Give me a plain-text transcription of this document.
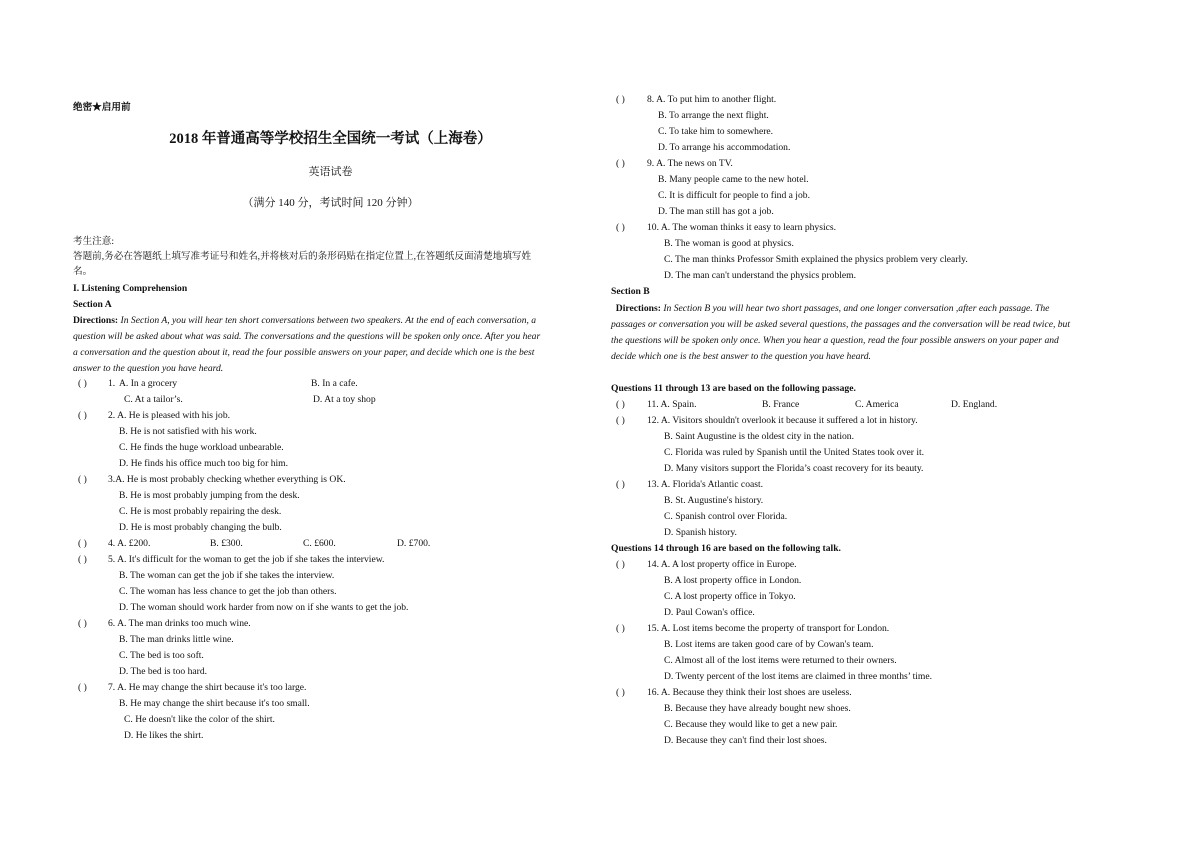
绝密★启用前
2018 年普通高等学校招生全国统一考试（上海卷）
英语试卷
（满分 140 分，考试时间 120 分钟）
考生注意:
答题前,务必在答题纸上填写准考证号和姓名,并将核对后的条形码贴在指定位置上,在答题纸反面清楚地填写姓
名。
I. Listening Comprehension
Section A
Directions: In Section A, you will hear ten short conversations between two speakers. At the end of each conversation, a
question will be asked about what was said. The conversations and the questions will be spoken only once. After you hear
a conversation and the question about it, read the four possible answers on your paper, and decide which one is the best
answer to the question you have heard.
( ) 1. A. In a grocery	B. In a cafe.
C. At a tailor’s.	D. At a toy shop
( ) 2. A. He is pleased with his job.
B. He is not satisfied with his work.
C. He finds the huge workload unbearable.
D. He finds his office much too big for him.
( ) 3.A. He is most probably checking whether everything is OK.
B. He is most probably jumping from the desk.
C. He is most probably repairing the desk.
D. He is most probably changing the bulb.
( ) 4. A. £200.	B. £300.	C. £600.	D. £700.
( ) 5. A. It's difficult for the woman to get the job if she takes the interview.
B. The woman can get the job if she takes the interview.
C. The woman has less chance to get the job than others.
D. The woman should work harder from now on if she wants to get the job.
( ) 6. A. The man drinks too much wine.
B. The man drinks little wine.
C. The bed is too soft.
D. The bed is too hard.
( ) 7. A. He may change the shirt because it's too large.
B. He may change the shirt because it's too small.
C. He doesn't like the color of the shirt.
D. He likes the shirt.
( ) 8. A. To put him to another flight.
B. To arrange the next flight.
C. To take him to somewhere.
D. To arrange his accommodation.
( ) 9. A. The news on TV.
B. Many people came to the new hotel.
C. It is difficult for people to find a job.
D. The man still has got a job.
( ) 10. A. The woman thinks it easy to learn physics.
B. The woman is good at physics.
C. The man thinks Professor Smith explained the physics problem very clearly.
D. The man can't understand the physics problem.
Section B
Directions: In Section B you will hear two short passages, and one longer conversation ,after each passage. The
passages or conversation you will be asked several questions, the passages and the conversation will be read twice, but
the questions will be spoken only once. When you hear a question, read the four possible answers on your paper and
decide which one is the best answer to the question you have heard.
Questions 11 through 13 are based on the following passage.
( ) 11. A. Spain.	B. France	C. America	D. England.
( ) 12. A. Visitors shouldn't overlook it because it suffered a lot in history.
B. Saint Augustine is the oldest city in the nation.
C. Florida was ruled by Spanish until the United States took over it.
D. Many visitors support the Florida’s coast recovery for its beauty.
( ) 13. A. Florida's Atlantic coast.
B. St. Augustine's history.
C. Spanish control over Florida.
D. Spanish history.
Questions 14 through 16 are based on the following talk.
( ) 14. A. A lost property office in Europe.
B. A lost property office in London.
C. A lost property office in Tokyo.
D. Paul Cowan's office.
( ) 15. A. Lost items become the property of transport for London.
B. Lost items are taken good care of by Cowan's team.
C. Almost all of the lost items were returned to their owners.
D. Twenty percent of the lost items are claimed in three months’ time.
( ) 16. A. Because they think their lost shoes are useless.
B. Because they have already bought new shoes.
C. Because they would like to get a new pair.
D. Because they can't find their lost shoes.
